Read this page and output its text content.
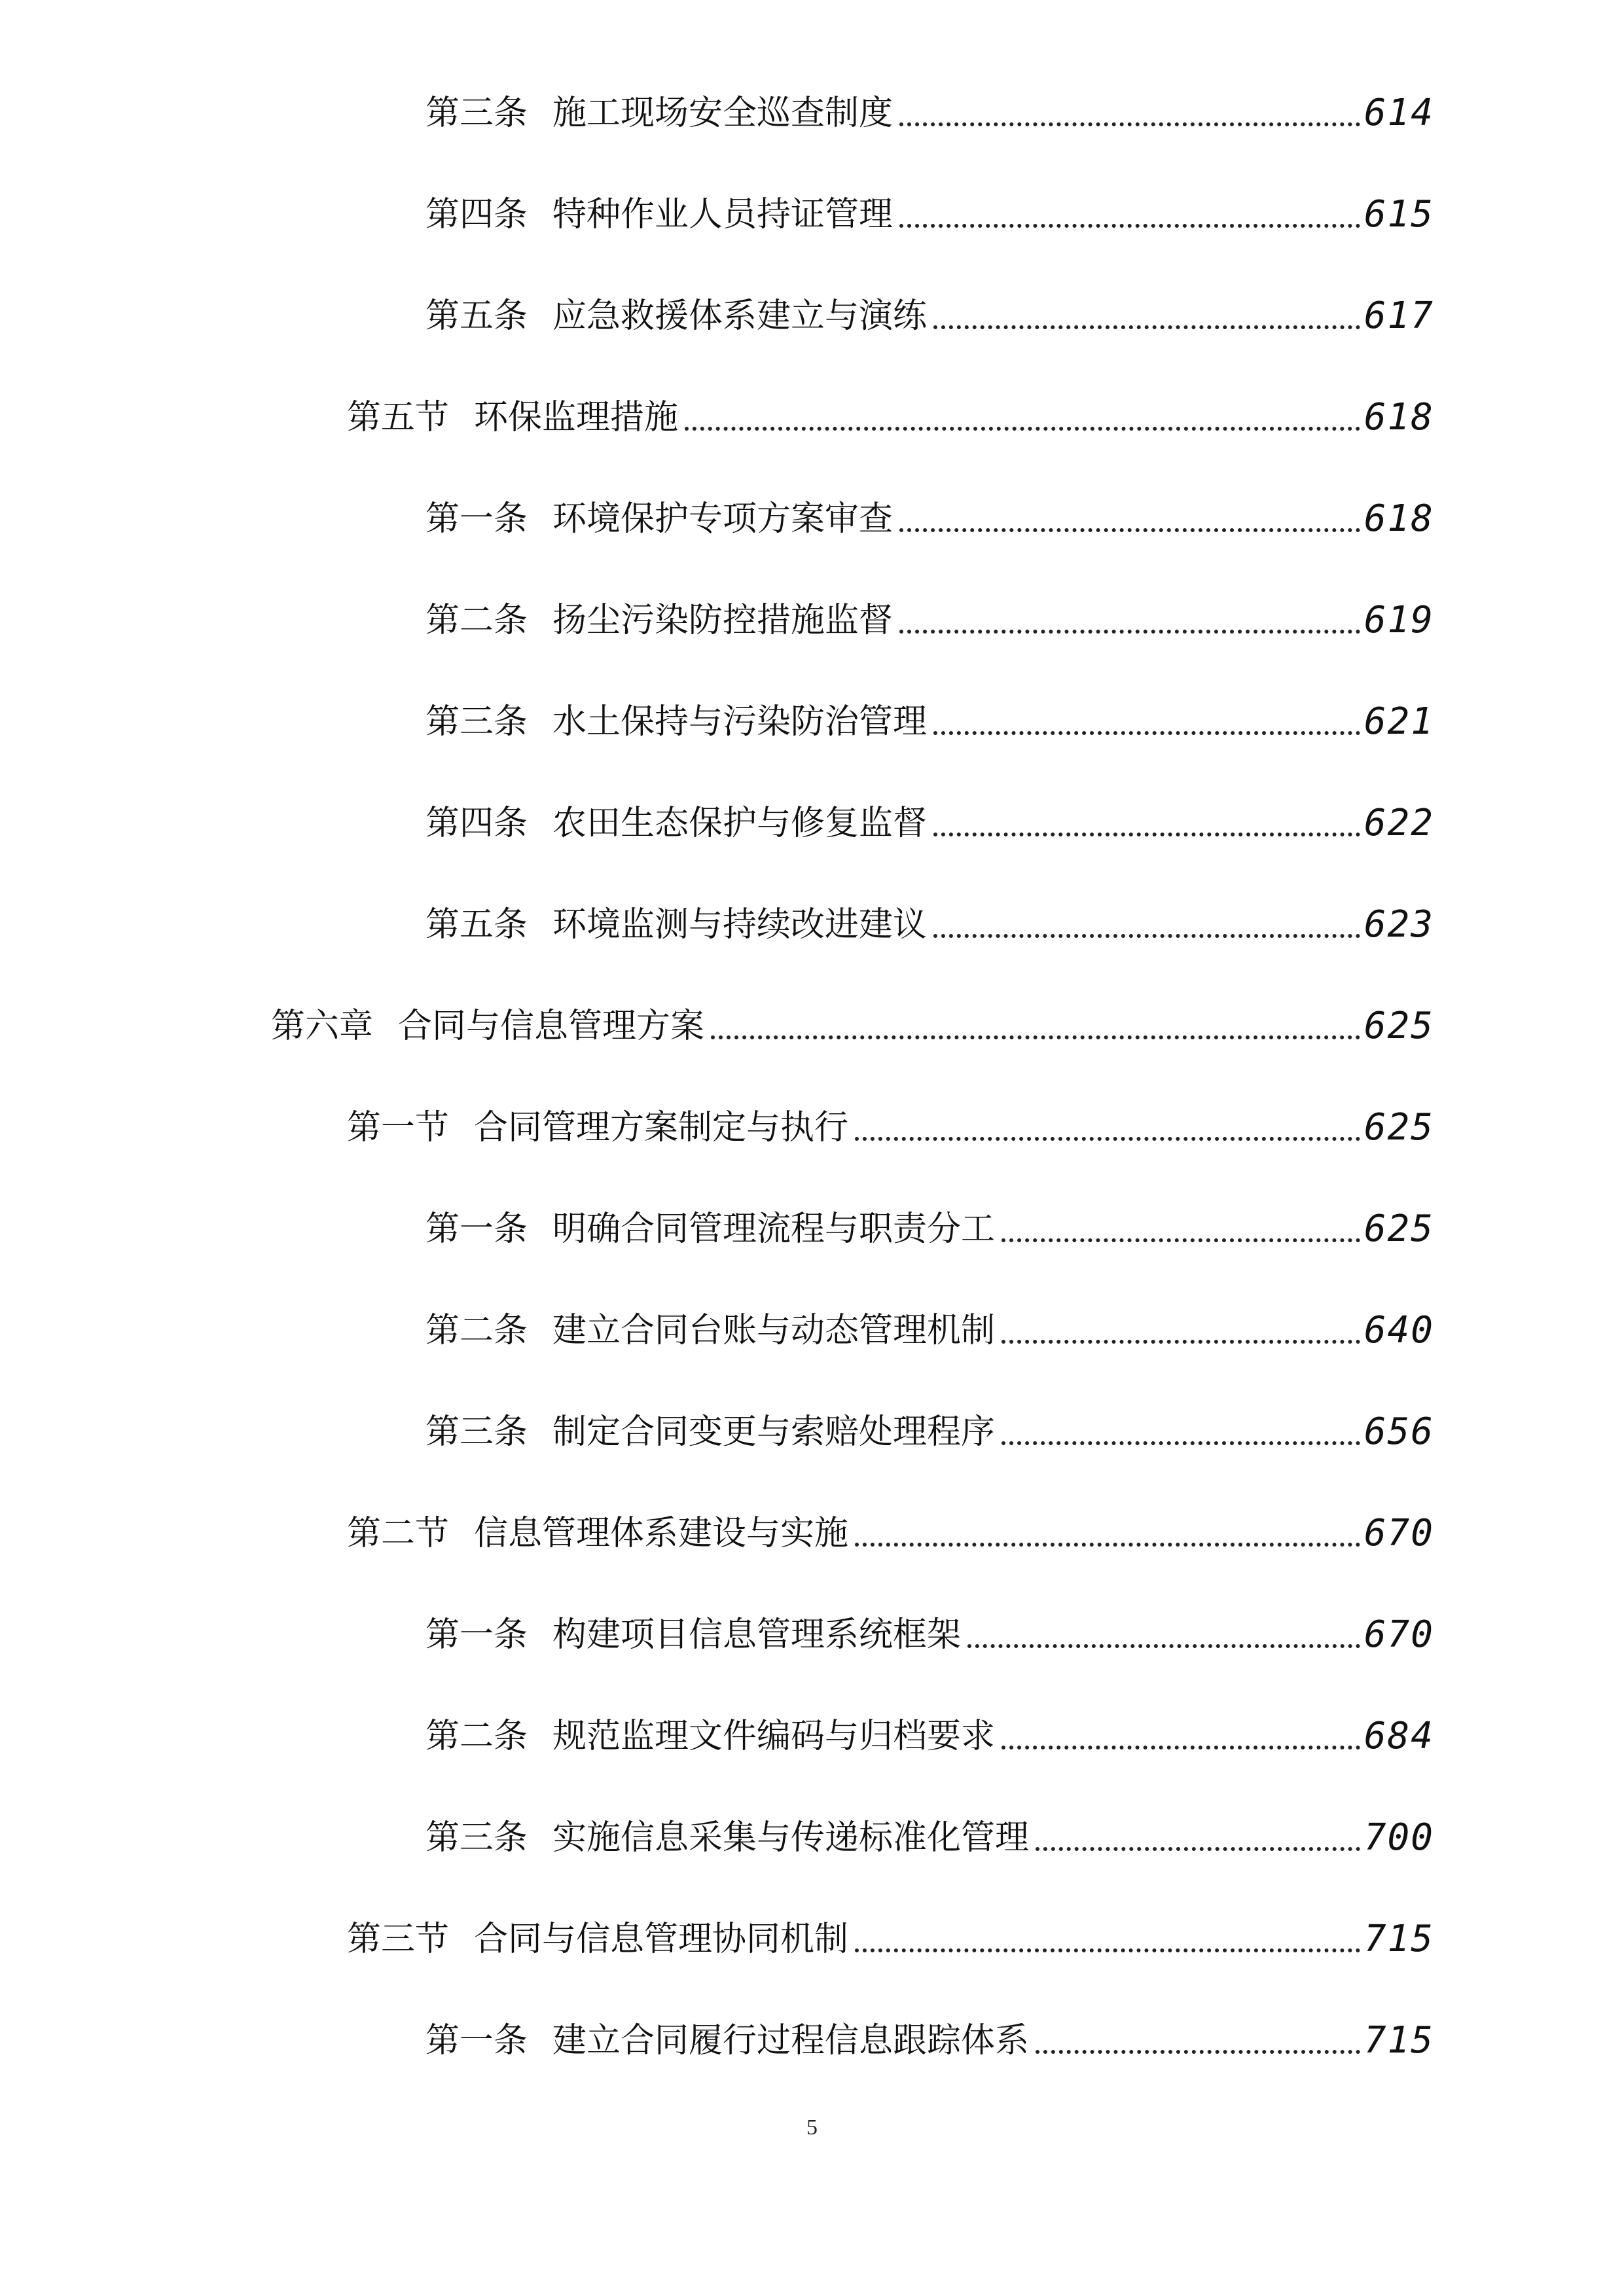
第三条 施工现场安全巡查制度	614
第四条 特种作业人员持证管理	615
第五条 应急救援体系建立与演练	617
第五节 环保监理措施	618
第一条 环境保护专项方案审查	618
第二条 扬尘污染防控措施监督	619
第三条 水土保持与污染防治管理	621
第四条 农田生态保护与修复监督	622
第五条 环境监测与持续改进建议	623
第六章 合同与信息管理方案	625
第一节 合同管理方案制定与执行	625
第一条 明确合同管理流程与职责分工	625
第二条 建立合同台账与动态管理机制	640
第三条 制定合同变更与索赔处理程序	656
第二节 信息管理体系建设与实施	670
第一条 构建项目信息管理系统框架	670
第二条 规范监理文件编码与归档要求	684
第三条 实施信息采集与传递标准化管理	700
第三节 合同与信息管理协同机制	715
第一条 建立合同履行过程信息跟踪体系	715
5
